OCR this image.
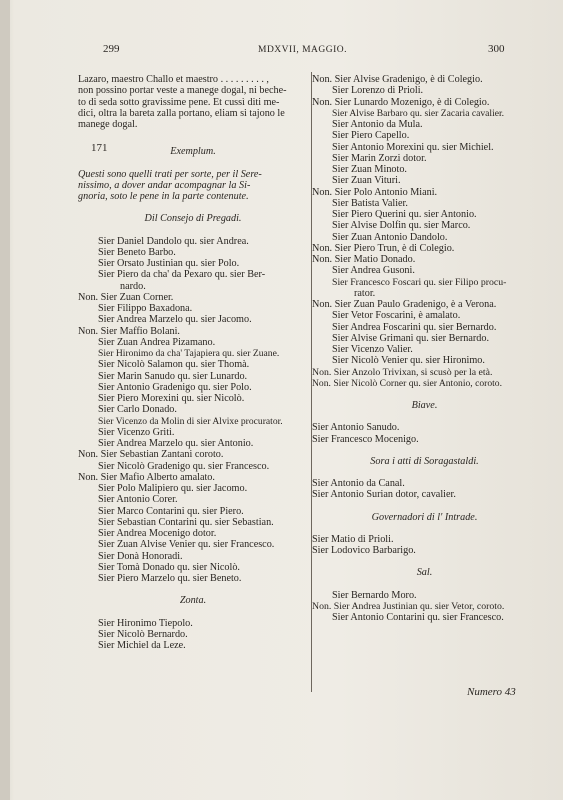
299	MDXVII, MAGGIO.	300
171
Lazaro, maestro Challo et maestro . . . . . . . . . ,
non possino portar veste a manege dogal, ni beche-
to di seda sotto gravissime pene. Et cussì diti me-
dici, oltra la bareta zalla portano, eliam si tajono le
manege dogal.
Exemplum.
Questi sono quelli trati per sorte, per il Sere-
nissimo, a dover andar acompagnar la Si-
gnoria, soto le pene in la parte contenute.
Dil Consejo di Pregadi.
Sier Daniel Dandolo qu. sier Andrea.
Sier Beneto Barbo.
Sier Orsato Justinian qu. sier Polo.
Sier Piero da cha' da Pexaro qu. sier Ber-
nardo.
Non. Sier Zuan Corner.
Sier Filippo Baxadona.
Sier Andrea Marzelo qu. sier Jacomo.
Non. Sier Maffio Bolani.
Sier Zuan Andrea Pizamano.
Sier Hironimo da cha' Tajapiera qu. sier Zuane.
Sier Nicolò Salamon qu. sier Thomà.
Sier Marin Sanudo qu. sier Lunardo.
Sier Antonio Gradenigo qu. sier Polo.
Sier Piero Morexini qu. sier Nicolò.
Sier Carlo Donado.
Sier Vicenzo da Molin di sier Alvixe procurator.
Sier Vicenzo Griti.
Sier Andrea Marzelo qu. sier Antonio.
Non. Sier Sebastian Zantani coroto.
Sier Nicolò Gradenigo qu. sier Francesco.
Non. Sier Mafio Alberto amalato.
Sier Polo Malipiero qu. sier Jacomo.
Sier Antonio Corer.
Sier Marco Contarini qu. sier Piero.
Sier Sebastian Contarini qu. sier Sebastian.
Sier Andrea Mocenigo dotor.
Sier Zuan Alvise Venier qu. sier Francesco.
Sier Donà Honoradi.
Sier Tomà Donado qu. sier Nicolò.
Sier Piero Marzelo qu. sier Beneto.
Zonta.
Sier Hironimo Tiepolo.
Sier Nicolò Bernardo.
Sier Michiel da Leze.
Non. Sier Alvise Gradenigo, è di Colegio.
Sier Lorenzo di Prioli.
Non. Sier Lunardo Mozenigo, è di Colegio.
Sier Alvise Barbaro qu. sier Zacaria cavalier.
Sier Antonio da Mula.
Sier Piero Capello.
Sier Antonio Morexini qu. sier Michiel.
Sier Marin Zorzi dotor.
Sier Zuan Minoto.
Sier Zuan Vituri.
Non. Sier Polo Antonio Miani.
Sier Batista Valier.
Sier Piero Querini qu. sier Antonio.
Sier Alvise Dolfin qu. sier Marco.
Sier Zuan Antonio Dandolo.
Non. Sier Piero Trun, è di Colegio.
Non. Sier Matio Donado.
Sier Andrea Gusoni.
Sier Francesco Foscari qu. sier Filipo procu-
rator.
Non. Sier Zuan Paulo Gradenigo, è a Verona.
Sier Vetor Foscarini, è amalato.
Sier Andrea Foscarini qu. sier Bernardo.
Sier Alvise Grimani qu. sier Bernardo.
Sier Vicenzo Valier.
Sier Nicolò Venier qu. sier Hironimo.
Non. Sier Anzolo Trivixan, si scusò per la età.
Non. Sier Nicolò Corner qu. sier Antonio, coroto.
Biave.
Sier Antonio Sanudo.
Sier Francesco Mocenigo.
Sora i atti di Soragastaldi.
Sier Antonio da Canal.
Sier Antonio Surian dotor, cavalier.
Governadori di l' Intrade.
Sier Matio di Prioli.
Sier Lodovico Barbarigo.
Sal.
Sier Bernardo Moro.
Non. Sier Andrea Justinian qu. sier Vetor, coroto.
Sier Antonio Contarini qu. sier Francesco.
Numero 43
